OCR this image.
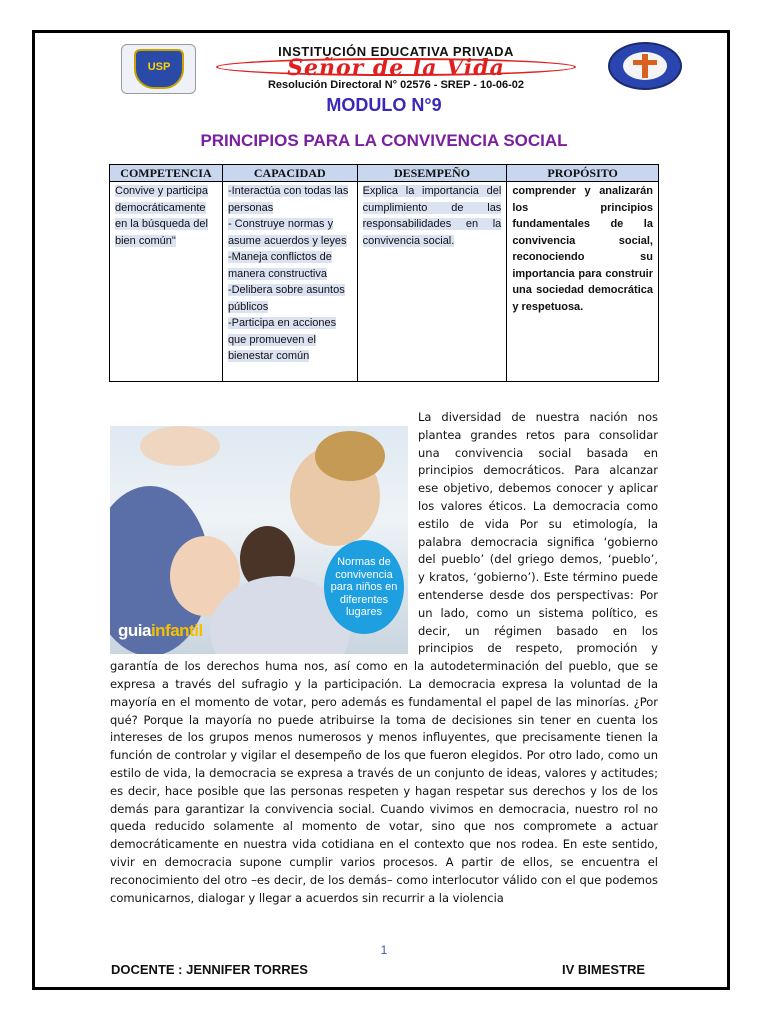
USP
INSTITUCIÓN EDUCATIVA PRIVADA
Señor de la Vida
Resolución Directoral N° 02576 - SREP - 10-06-02
MODULO N°9
PRINCIPIOS PARA LA CONVIVENCIA SOCIAL
COMPETENCIA	CAPACIDAD	DESEMPEÑO	PROPÓSITO
Convive y participa democráticamente en la búsqueda del bien común"	-Interactúa con todas las personas
- Construye normas y asume acuerdos y leyes
-Maneja conflictos de manera constructiva
-Delibera sobre asuntos públicos
-Participa en acciones que promueven el bienestar común	Explica la importancia del cumplimiento de las responsabilidades en la convivencia social.	comprender y analizarán los principios fundamentales de la convivencia social, reconociendo su importancia para construir una sociedad democrática y respetuosa.
La diversidad de nuestra nación nos plantea grandes retos para consolidar una convivencia social basada en principios democráticos. Para alcanzar ese objetivo, debemos conocer y aplicar los valores éticos. La democracia como estilo de vida Por su etimología, la palabra democracia significa ‘gobierno del pueblo’ (del griego demos, ‘pueblo’, y kratos, ‘gobierno’). Este término puede entenderse desde dos perspectivas: Por un lado, como un sistema político, es decir, un régimen basado en los principios de respeto, promoción y garantía de los derechos huma nos, así como en la autodeterminación del pueblo, que se expresa a través del sufragio y la participación. La democracia expresa la voluntad de la mayoría en el momento de votar, pero además es fundamental el papel de las minorías. ¿Por qué? Porque la mayoría no puede atribuirse la toma de decisiones sin tener en cuenta los intereses de los grupos menos numerosos y menos influyentes, que precisamente tienen la función de controlar y vigilar el desempeño de los que fueron elegidos. Por otro lado, como un estilo de vida, la democracia se expresa a través de un conjunto de ideas, valores y actitudes; es decir, hace posible que las personas respeten y hagan respetar sus derechos y los de los demás para garantizar la convivencia social. Cuando vivimos en democracia, nuestro rol no queda reducido solamente al momento de votar, sino que nos compromete a actuar democráticamente en nuestra vida cotidiana en el contexto que nos rodea. En este sentido, vivir en democracia supone cumplir varios procesos. A partir de ellos, se encuentra el reconocimiento del otro –es decir, de los demás– como interlocutor válido con el que podemos comunicarnos, dialogar y llegar a acuerdos sin recurrir a la violencia
Normas de convivencia para niños en diferentes lugares
guiainfantil
1
DOCENTE : JENNIFER TORRES	IV BIMESTRE
